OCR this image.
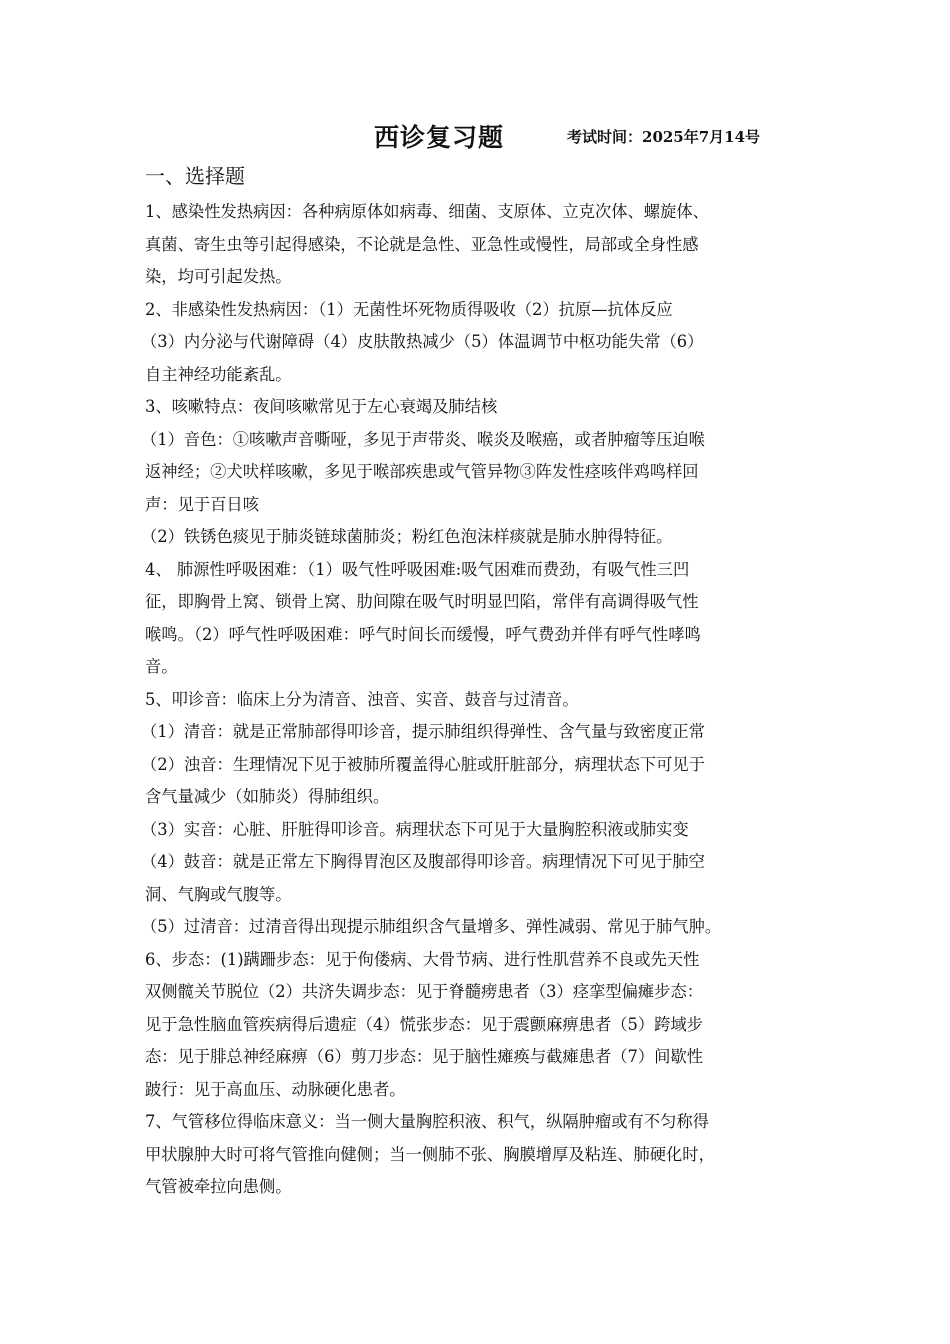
西诊复习题	考试时间：2025年7月14号
一、选择题
1、感染性发热病因：各种病原体如病毒、细菌、支原体、立克次体、螺旋体、
真菌、寄生虫等引起得感染，不论就是急性、亚急性或慢性，局部或全身性感
染，均可引起发热。
2、非感染性发热病因：（1）无菌性坏死物质得吸收（2）抗原—抗体反应
（3）内分泌与代谢障碍（4）皮肤散热减少（5）体温调节中枢功能失常（6）
自主神经功能紊乱。
3、咳嗽特点：夜间咳嗽常见于左心衰竭及肺结核
（1）音色：①咳嗽声音嘶哑，多见于声带炎、喉炎及喉癌，或者肿瘤等压迫喉
返神经；②犬吠样咳嗽，多见于喉部疾患或气管异物③阵发性痉咳伴鸡鸣样回
声：见于百日咳
（2）铁锈色痰见于肺炎链球菌肺炎；粉红色泡沫样痰就是肺水肿得特征。
4、 肺源性呼吸困难：（1）吸气性呼吸困难:吸气困难而费劲，有吸气性三凹
征，即胸骨上窝、锁骨上窝、肋间隙在吸气时明显凹陷，常伴有高调得吸气性
喉鸣。（2）呼气性呼吸困难：呼气时间长而缓慢，呼气费劲并伴有呼气性哮鸣
音。
5、叩诊音：临床上分为清音、浊音、实音、鼓音与过清音。
（1）清音：就是正常肺部得叩诊音，提示肺组织得弹性、含气量与致密度正常
（2）浊音：生理情况下见于被肺所覆盖得心脏或肝脏部分，病理状态下可见于
含气量减少（如肺炎）得肺组织。
（3）实音：心脏、肝脏得叩诊音。病理状态下可见于大量胸腔积液或肺实变
（4）鼓音：就是正常左下胸得胃泡区及腹部得叩诊音。病理情况下可见于肺空
洞、气胸或气腹等。
（5）过清音：过清音得出现提示肺组织含气量增多、弹性减弱、常见于肺气肿。
6、步态：(1)蹒跚步态：见于佝偻病、大骨节病、进行性肌营养不良或先天性
双侧髋关节脱位（2）共济失调步态：见于脊髓痨患者（3）痉挛型偏瘫步态：
见于急性脑血管疾病得后遗症（4）慌张步态：见于震颤麻痹患者（5）跨域步
态：见于腓总神经麻痹（6）剪刀步态：见于脑性瘫痪与截瘫患者（7）间歇性
跛行：见于高血压、动脉硬化患者。
7、气管移位得临床意义：当一侧大量胸腔积液、积气，纵隔肿瘤或有不匀称得
甲状腺肿大时可将气管推向健侧；当一侧肺不张、胸膜增厚及粘连、肺硬化时，
气管被牵拉向患侧。
